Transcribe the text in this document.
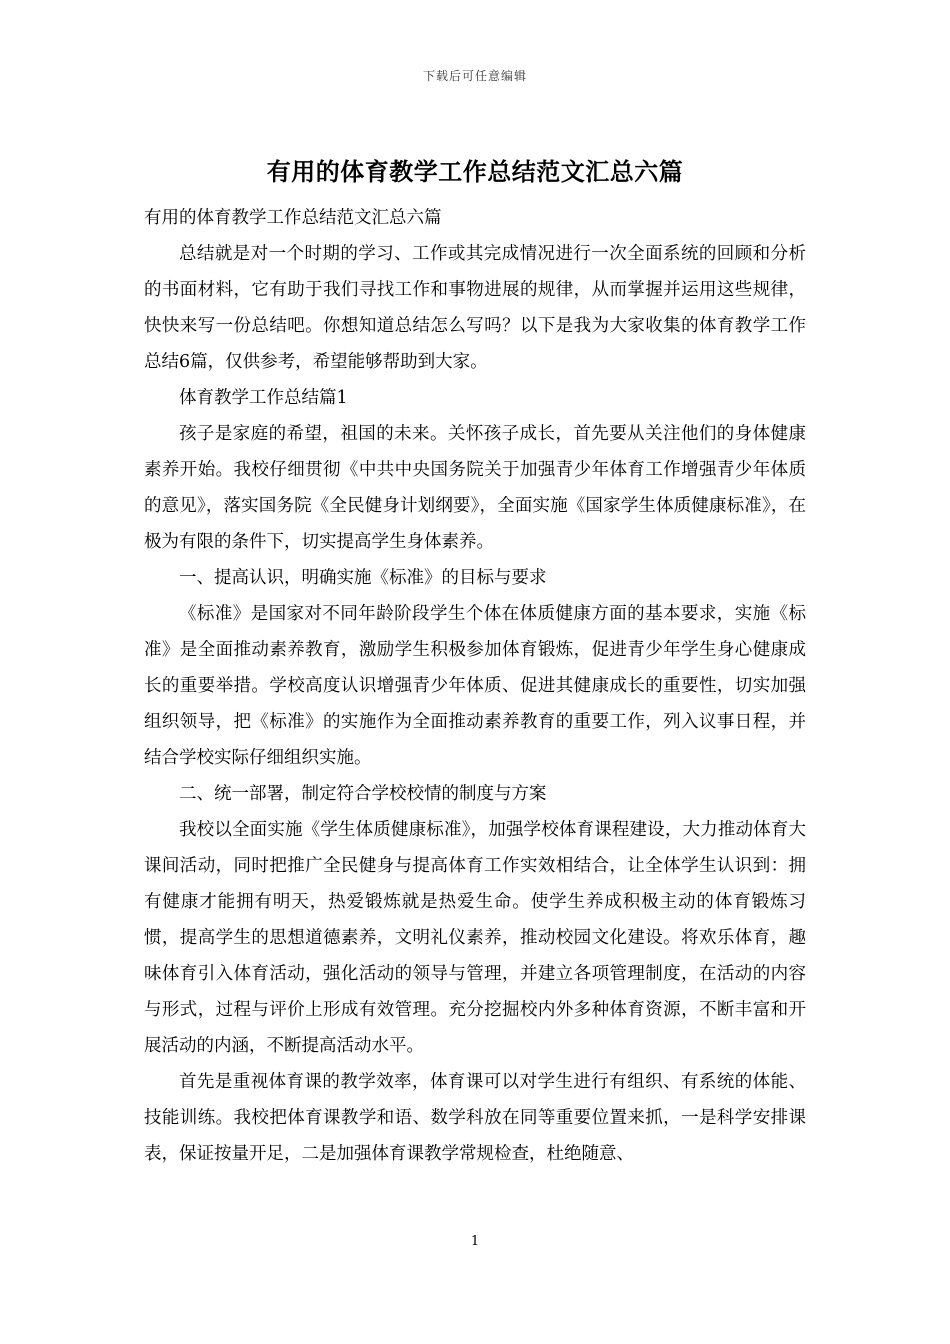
下载后可任意编辑
有用的体育教学工作总结范文汇总六篇

有用的体育教学工作总结范文汇总六篇

总结就是对一个时期的学习、工作或其完成情况进行一次全面系统的回顾和分析的书面材料，它有助于我们寻找工作和事物进展的规律，从而掌握并运用这些规律，快快来写一份总结吧。你想知道总结怎么写吗？以下是我为大家收集的体育教学工作总结6篇，仅供参考，希望能够帮助到大家。

体育教学工作总结篇1

孩子是家庭的希望，祖国的未来。关怀孩子成长，首先要从关注他们的身体健康素养开始。我校仔细贯彻《中共中央国务院关于加强青少年体育工作增强青少年体质的意见》，落实国务院《全民健身计划纲要》，全面实施《国家学生体质健康标准》，在极为有限的条件下，切实提高学生身体素养。

一、提高认识，明确实施《标准》的目标与要求

《标准》是国家对不同年龄阶段学生个体在体质健康方面的基本要求，实施《标准》是全面推动素养教育，激励学生积极参加体育锻炼，促进青少年学生身心健康成长的重要举措。学校高度认识增强青少年体质、促进其健康成长的重要性，切实加强组织领导，把《标准》的实施作为全面推动素养教育的重要工作，列入议事日程，并结合学校实际仔细组织实施。

二、统一部署，制定符合学校校情的制度与方案

我校以全面实施《学生体质健康标准》，加强学校体育课程建设，大力推动体育大课间活动，同时把推广全民健身与提高体育工作实效相结合，让全体学生认识到：拥有健康才能拥有明天，热爱锻炼就是热爱生命。使学生养成积极主动的体育锻炼习惯，提高学生的思想道德素养，文明礼仪素养，推动校园文化建设。将欢乐体育，趣味体育引入体育活动，强化活动的领导与管理，并建立各项管理制度，在活动的内容与形式，过程与评价上形成有效管理。充分挖掘校内外多种体育资源，不断丰富和开展活动的内涵，不断提高活动水平。

首先是重视体育课的教学效率，体育课可以对学生进行有组织、有系统的体能、技能训练。我校把体育课教学和语、数学科放在同等重要位置来抓，一是科学安排课表，保证按量开足，二是加强体育课教学常规检查，杜绝随意、

1
